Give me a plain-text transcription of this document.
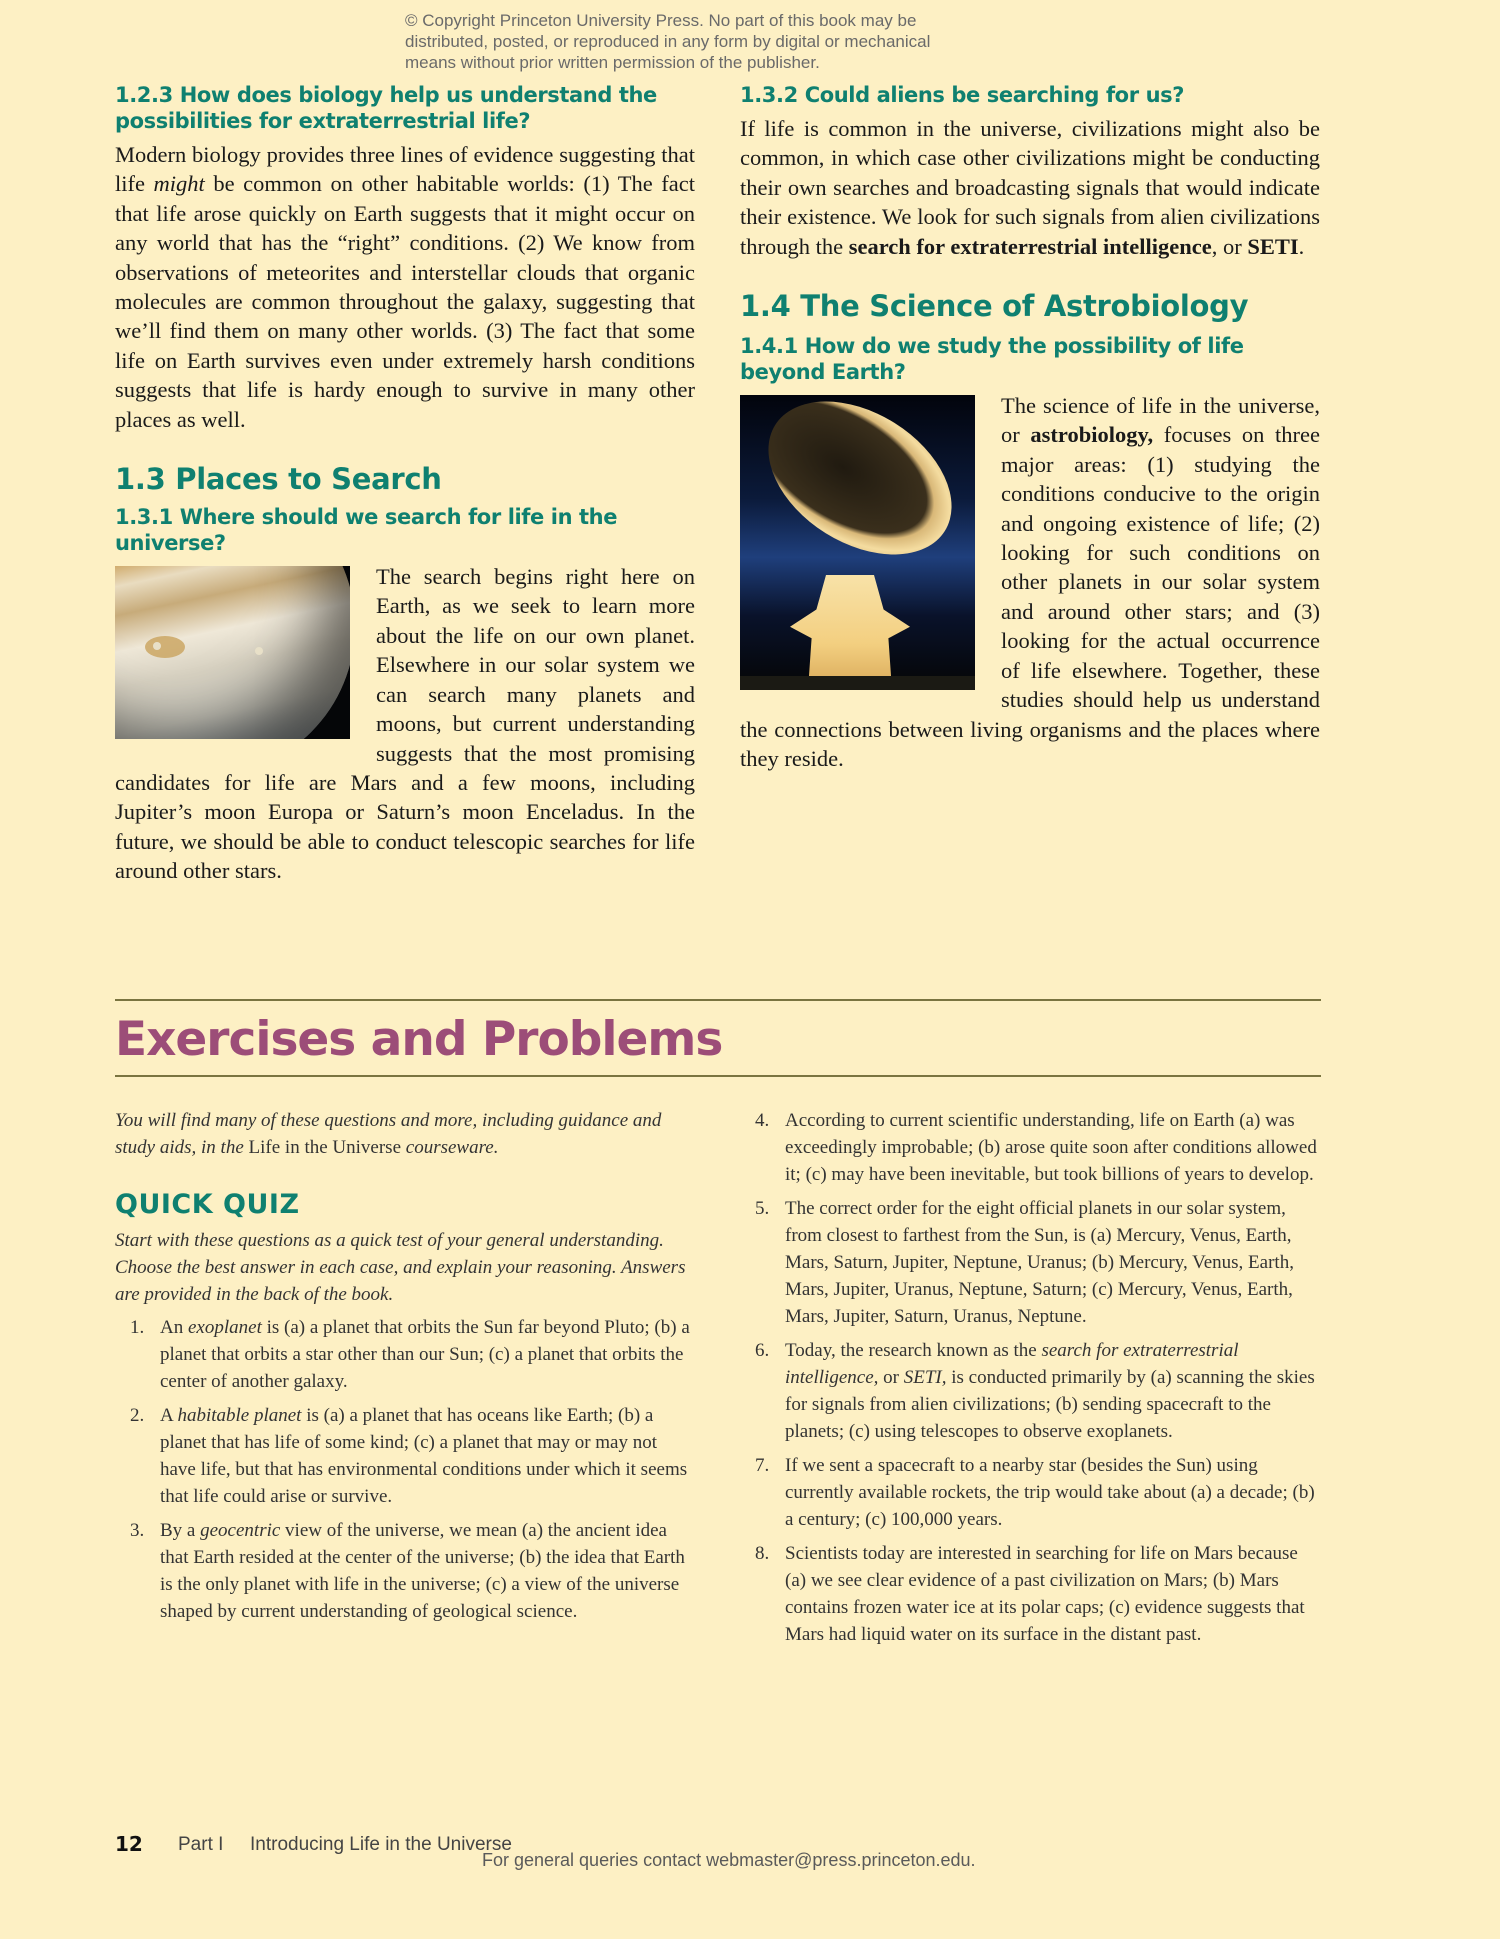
© Copyright Princeton University Press. No part of this book may be
distributed, posted, or reproduced in any form by digital or mechanical
means without prior written permission of the publisher.
1.2.3 How does biology help us understand the possibilities for extraterrestrial life?

Modern biology provides three lines of evidence suggesting that life might be common on other habitable worlds: (1) The fact that life arose quickly on Earth suggests that it might occur on any world that has the “right” conditions. (2) We know from observations of meteorites and interstellar clouds that organic molecules are common throughout the galaxy, suggesting that we’ll find them on many other worlds. (3) The fact that some life on Earth survives even under extremely harsh conditions suggests that life is hardy enough to survive in many other places as well.

1.3 Places to Search
1.3.1 Where should we search for life in the universe?

The search begins right here on Earth, as we seek to learn more about the life on our own planet. Elsewhere in our solar system we can search many planets and moons, but current understanding suggests that the most promising candidates for life are Mars and a few moons, including Jupiter’s moon Europa or Saturn’s moon Enceladus. In the future, we should be able to conduct telescopic searches for life around other stars.

1.3.2 Could aliens be searching for us?

If life is common in the universe, civilizations might also be common, in which case other civilizations might be conducting their own searches and broadcasting signals that would indicate their existence. We look for such signals from alien civilizations through the search for extraterrestrial intelligence, or SETI.

1.4 The Science of Astrobiology
1.4.1 How do we study the possibility of life beyond Earth?

The science of life in the universe, or astrobiology, focuses on three major areas: (1) studying the conditions conducive to the origin and ongoing existence of life; (2) looking for such conditions on other planets in our solar system and around other stars; and (3) looking for the actual occurrence of life elsewhere. Together, these studies should help us understand the connections between living organisms and the places where they reside.

Exercises and Problems

You will find many of these questions and more, including guidance and study aids, in the Life in the Universe courseware.

QUICK QUIZ

Start with these questions as a quick test of your general understanding. Choose the best answer in each case, and explain your reasoning. Answers are provided in the back of the book.

1. An exoplanet is (a) a planet that orbits the Sun far beyond Pluto; (b) a planet that orbits a star other than our Sun; (c) a planet that orbits the center of another galaxy.
2. A habitable planet is (a) a planet that has oceans like Earth; (b) a planet that has life of some kind; (c) a planet that may or may not have life, but that has environmental conditions under which it seems that life could arise or survive.
3. By a geocentric view of the universe, we mean (a) the ancient idea that Earth resided at the center of the universe; (b) the idea that Earth is the only planet with life in the universe; (c) a view of the universe shaped by current understanding of geological science.
4. According to current scientific understanding, life on Earth (a) was exceedingly improbable; (b) arose quite soon after conditions allowed it; (c) may have been inevitable, but took billions of years to develop.
5. The correct order for the eight official planets in our solar system, from closest to farthest from the Sun, is (a) Mercury, Venus, Earth, Mars, Saturn, Jupiter, Neptune, Uranus; (b) Mercury, Venus, Earth, Mars, Jupiter, Uranus, Neptune, Saturn; (c) Mercury, Venus, Earth, Mars, Jupiter, Saturn, Uranus, Neptune.
6. Today, the research known as the search for extraterrestrial intelligence, or SETI, is conducted primarily by (a) scanning the skies for signals from alien civilizations; (b) sending spacecraft to the planets; (c) using telescopes to observe exoplanets.
7. If we sent a spacecraft to a nearby star (besides the Sun) using currently available rockets, the trip would take about (a) a decade; (b) a century; (c) 100,000 years.
8. Scientists today are interested in searching for life on Mars because (a) we see clear evidence of a past civilization on Mars; (b) Mars contains frozen water ice at its polar caps; (c) evidence suggests that Mars had liquid water on its surface in the distant past.
12 Part I Introducing Life in the Universe
For general queries contact webmaster@press.princeton.edu.
